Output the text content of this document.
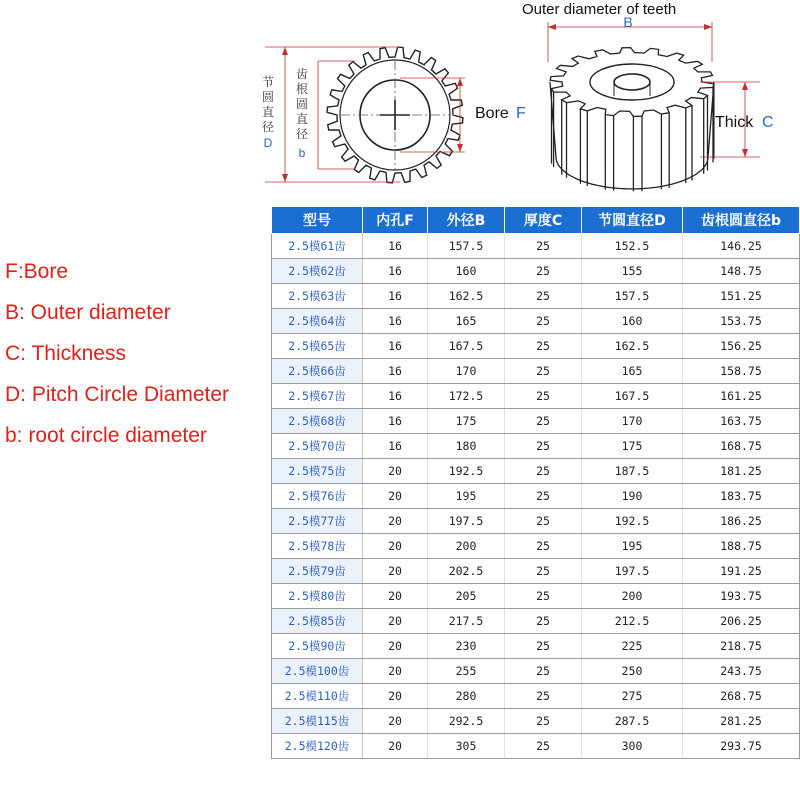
节
圆
直
径
D
齿
根
圆
直
径
b
Bore F
Outer diameter of teeth
B
Thick C
F:Bore
B: Outer diameter
C: Thickness
D: Pitch Circle Diameter
b: root circle diameter
型号	内孔F	外径B	厚度C	节圆直径D	齿根圆直径b
2.5模61齿	16	157.5	25	152.5	146.25
2.5模62齿	16	160	25	155	148.75
2.5模63齿	16	162.5	25	157.5	151.25
2.5模64齿	16	165	25	160	153.75
2.5模65齿	16	167.5	25	162.5	156.25
2.5模66齿	16	170	25	165	158.75
2.5模67齿	16	172.5	25	167.5	161.25
2.5模68齿	16	175	25	170	163.75
2.5模70齿	16	180	25	175	168.75
2.5模75齿	20	192.5	25	187.5	181.25
2.5模76齿	20	195	25	190	183.75
2.5模77齿	20	197.5	25	192.5	186.25
2.5模78齿	20	200	25	195	188.75
2.5模79齿	20	202.5	25	197.5	191.25
2.5模80齿	20	205	25	200	193.75
2.5模85齿	20	217.5	25	212.5	206.25
2.5模90齿	20	230	25	225	218.75
2.5模100齿	20	255	25	250	243.75
2.5模110齿	20	280	25	275	268.75
2.5模115齿	20	292.5	25	287.5	281.25
2.5模120齿	20	305	25	300	293.75
